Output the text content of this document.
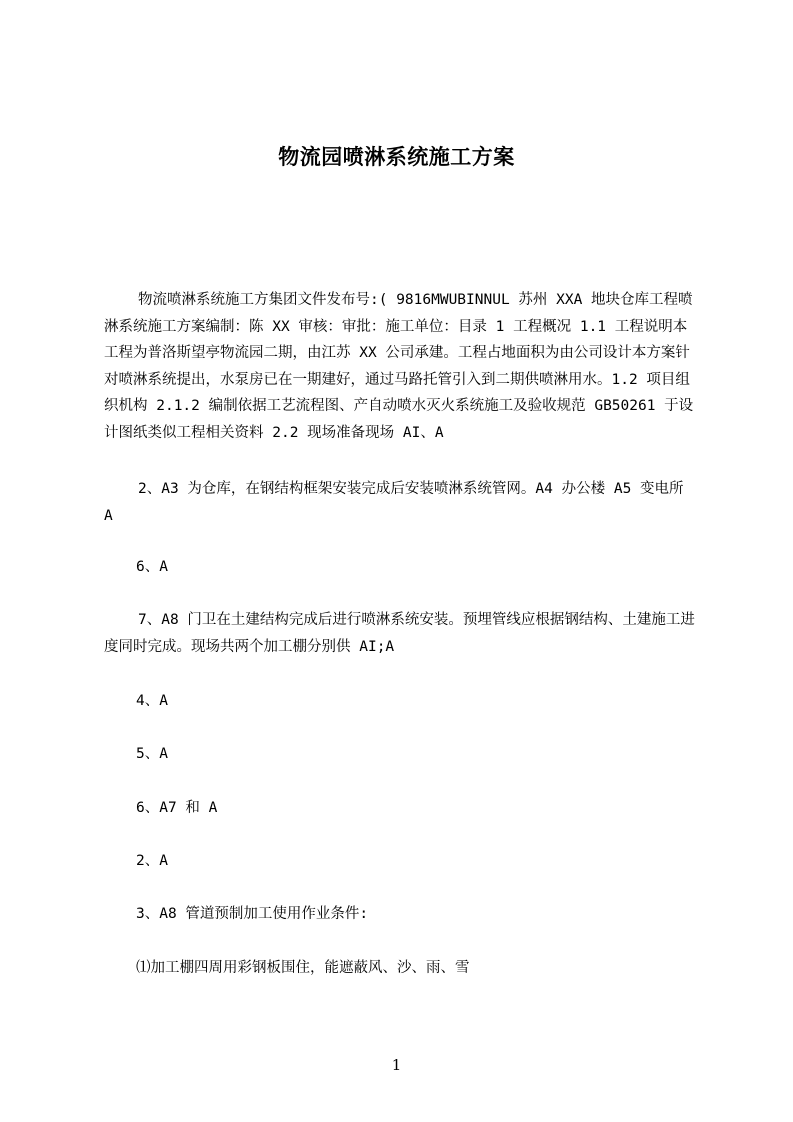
物流园喷淋系统施工方案

物流喷淋系统施工方集团文件发布号:( 9816MWUBINNUL 苏州 XXA 地块仓库工程喷淋系统施工方案编制：陈 XX 审核：审批：施工单位：目录 1 工程概况 1.1 工程说明本工程为普洛斯望亭物流园二期，由江苏 XX 公司承建。工程占地面积为由公司设计本方案针对喷淋系统提出，水泵房已在一期建好，通过马路托管引入到二期供喷淋用水。1.2 项目组织机构 2.1.2 编制依据工艺流程图、产自动喷水灭火系统施工及验收规范 GB50261 于设计图纸类似工程相关资料 2.2 现场准备现场 AI、A

2、A3 为仓库，在钢结构框架安装完成后安装喷淋系统管网。A4 办公楼 A5 变电所 A

6、A

7、A8 门卫在土建结构完成后进行喷淋系统安装。预埋管线应根据钢结构、土建施工进度同时完成。现场共两个加工棚分别供 AI;A

4、A

5、A

6、A7 和 A

2、A

3、A8 管道预制加工使用作业条件:

⑴加工棚四周用彩钢板围住，能遮蔽风、沙、雨、雪

1
